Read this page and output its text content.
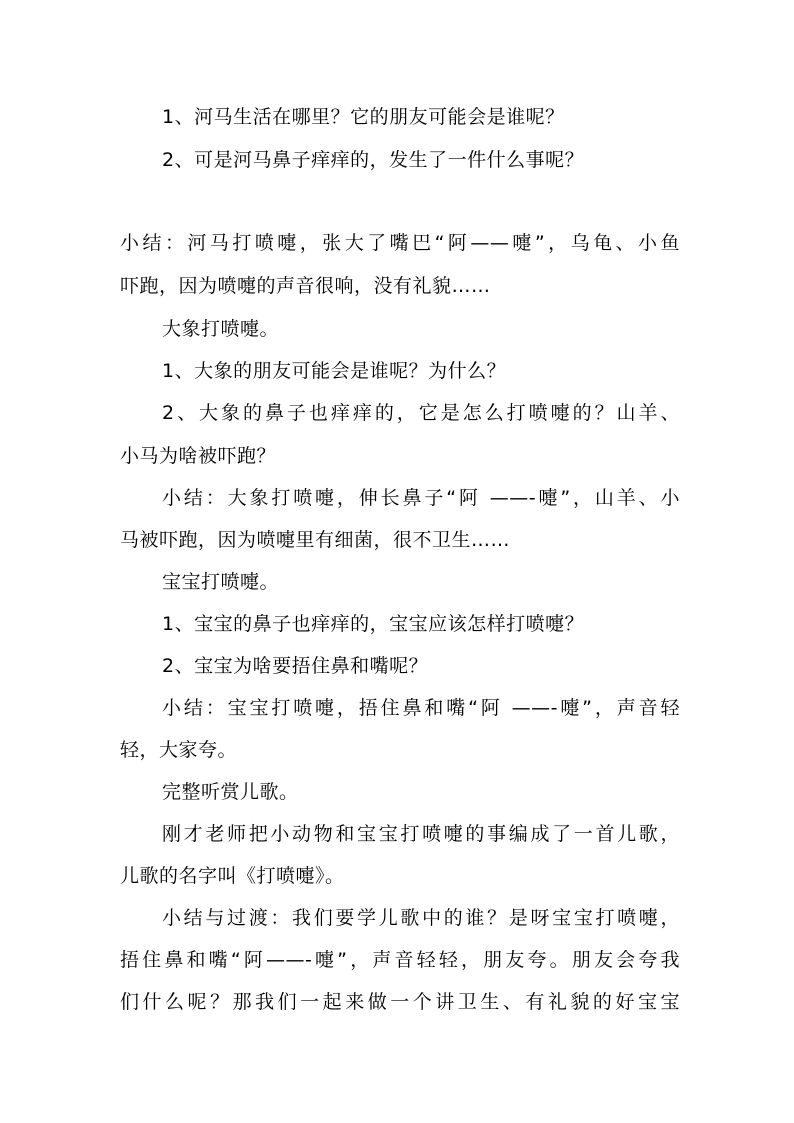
1、河马生活在哪里？它的朋友可能会是谁呢？
2、可是河马鼻子痒痒的，发生了一件什么事呢？
小结：河马打喷嚏，张大了嘴巴“阿——嚏”，乌龟、小鱼
吓跑，因为喷嚏的声音很响，没有礼貌……
大象打喷嚏。
1、大象的朋友可能会是谁呢？为什么？
2、大象的鼻子也痒痒的，它是怎么打喷嚏的？山羊、
小马为啥被吓跑？
小结：大象打喷嚏，伸长鼻子“阿 ——-嚏”，山羊、小
马被吓跑，因为喷嚏里有细菌，很不卫生……
宝宝打喷嚏。
1、宝宝的鼻子也痒痒的，宝宝应该怎样打喷嚏？
2、宝宝为啥要捂住鼻和嘴呢？
小结：宝宝打喷嚏，捂住鼻和嘴“阿 ——-嚏”，声音轻
轻，大家夸。
完整听赏儿歌。
刚才老师把小动物和宝宝打喷嚏的事编成了一首儿歌，
儿歌的名字叫《打喷嚏》。
小结与过渡：我们要学儿歌中的谁？是呀宝宝打喷嚏，
捂住鼻和嘴“阿——-嚏”，声音轻轻，朋友夸。朋友会夸我
们什么呢？那我们一起来做一个讲卫生、有礼貌的好宝宝
